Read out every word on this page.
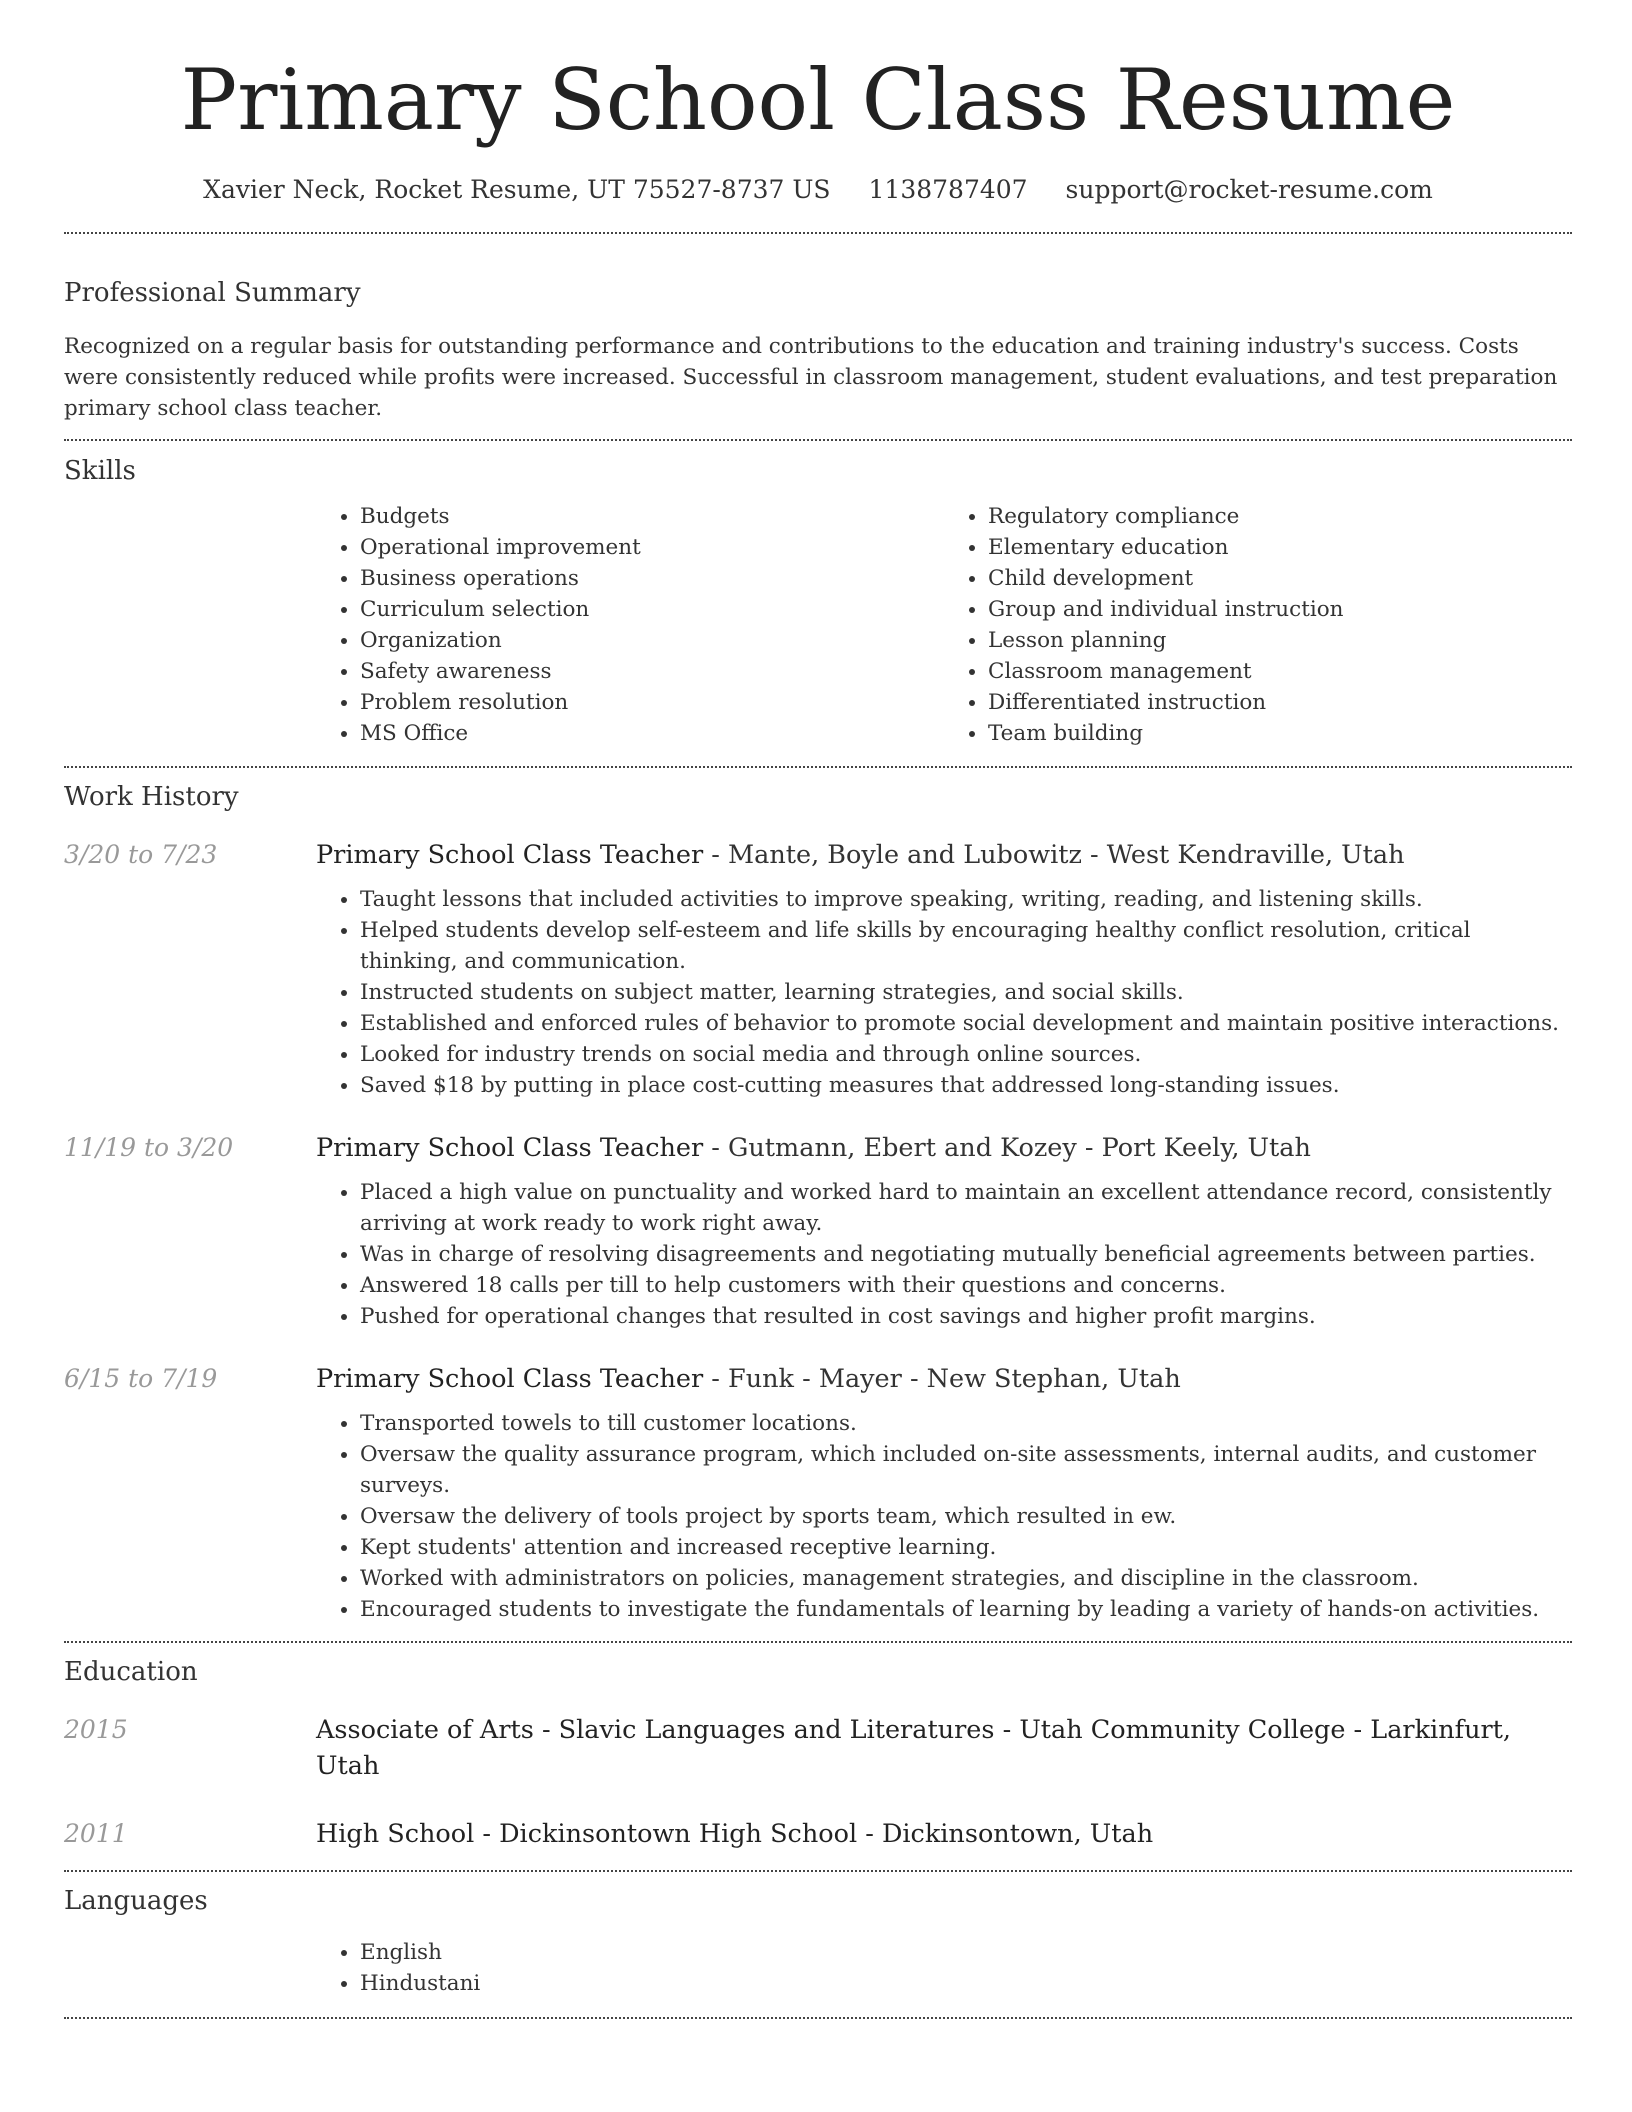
Primary School Class Resume
Xavier Neck, Rocket Resume, UT 75527-8737 US 1138787407 support@rocket-resume.com
Professional Summary

Recognized on a regular basis for outstanding performance and contributions to the education and training industry's success. Costs were consistently reduced while profits were increased. Successful in classroom management, student evaluations, and test preparation primary school class teacher.

Skills
• Budgets
• Operational improvement
• Business operations
• Curriculum selection
• Organization
• Safety awareness
• Problem resolution
• MS Office
• Regulatory compliance
• Elementary education
• Child development
• Group and individual instruction
• Lesson planning
• Classroom management
• Differentiated instruction
• Team building
Work History
3/20 to 7/23	Primary School Class Teacher - Mante, Boyle and Lubowitz - West Kendraville, Utah
• Taught lessons that included activities to improve speaking, writing, reading, and listening skills.
• Helped students develop self-esteem and life skills by encouraging healthy conflict resolution, critical thinking, and communication.
• Instructed students on subject matter, learning strategies, and social skills.
• Established and enforced rules of behavior to promote social development and maintain positive interactions.
• Looked for industry trends on social media and through online sources.
• Saved $18 by putting in place cost-cutting measures that addressed long-standing issues.
11/19 to 3/20	Primary School Class Teacher - Gutmann, Ebert and Kozey - Port Keely, Utah
• Placed a high value on punctuality and worked hard to maintain an excellent attendance record, consistently arriving at work ready to work right away.
• Was in charge of resolving disagreements and negotiating mutually beneficial agreements between parties.
• Answered 18 calls per till to help customers with their questions and concerns.
• Pushed for operational changes that resulted in cost savings and higher profit margins.
6/15 to 7/19	Primary School Class Teacher - Funk - Mayer - New Stephan, Utah
• Transported towels to till customer locations.
• Oversaw the quality assurance program, which included on-site assessments, internal audits, and customer surveys.
• Oversaw the delivery of tools project by sports team, which resulted in ew.
• Kept students' attention and increased receptive learning.
• Worked with administrators on policies, management strategies, and discipline in the classroom.
• Encouraged students to investigate the fundamentals of learning by leading a variety of hands-on activities.
Education
2015	Associate of Arts - Slavic Languages and Literatures - Utah Community College - Larkinfurt, Utah
2011	High School - Dickinsontown High School - Dickinsontown, Utah
Languages
• English
• Hindustani
